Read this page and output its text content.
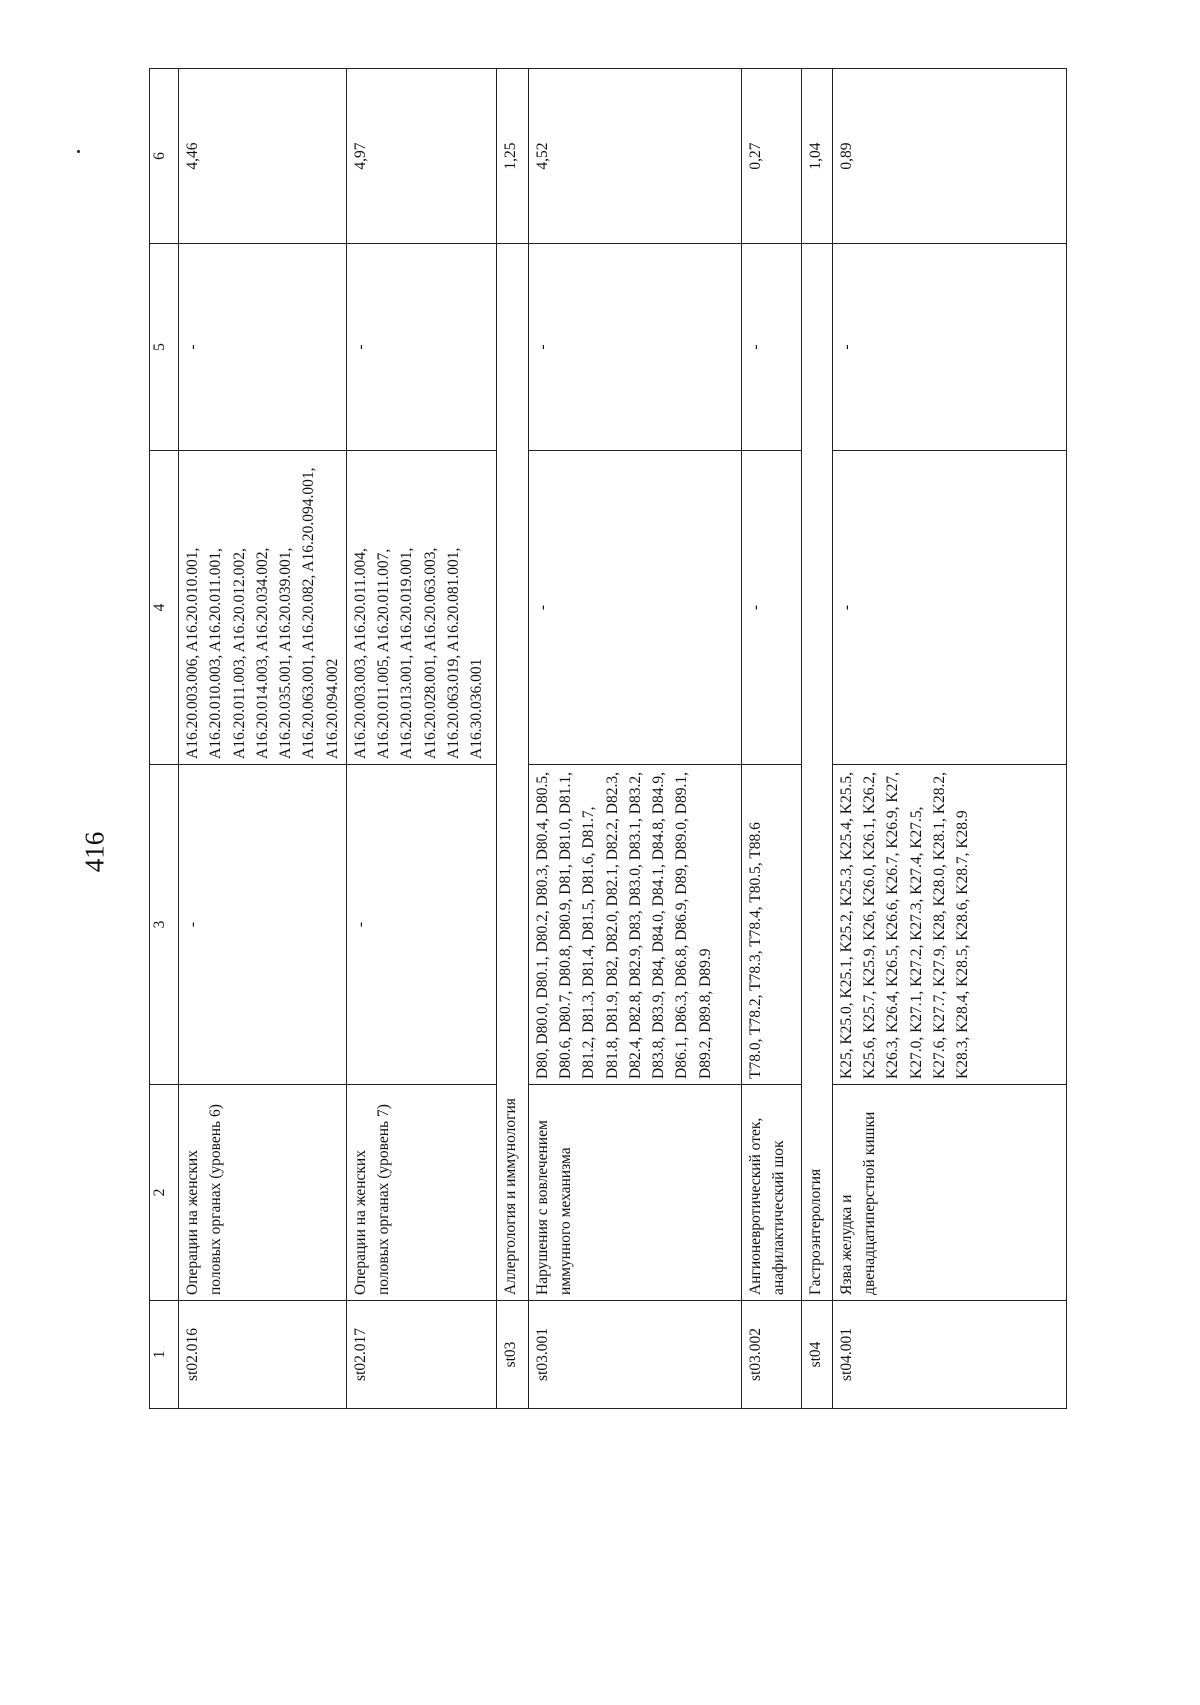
416
1	2	3	4	5	6
st02.016	Операции на женских половых органах (уровень 6)	-	A16.20.003.006, A16.20.010.001, A16.20.010.003, A16.20.011.001, A16.20.011.003, A16.20.012.002, A16.20.014.003, A16.20.034.002, A16.20.035.001, A16.20.039.001, A16.20.063.001, A16.20.082, A16.20.094.001, A16.20.094.002	-	4,46
st02.017	Операции на женских половых органах (уровень 7)	-	A16.20.003.003, A16.20.011.004, A16.20.011.005, A16.20.011.007, A16.20.013.001, A16.20.019.001, A16.20.028.001, A16.20.063.003, A16.20.063.019, A16.20.081.001, A16.30.036.001	-	4,97
st03	Аллергология и иммунология				1,25
st03.001	Нарушения с вовлечением иммунного механизма	D80, D80.0, D80.1, D80.2, D80.3, D80.4, D80.5, D80.6, D80.7, D80.8, D80.9, D81, D81.0, D81.1, D81.2, D81.3, D81.4, D81.5, D81.6, D81.7, D81.8, D81.9, D82, D82.0, D82.1, D82.2, D82.3, D82.4, D82.8, D82.9, D83, D83.0, D83.1, D83.2, D83.8, D83.9, D84, D84.0, D84.1, D84.8, D84.9, D86.1, D86.3, D86.8, D86.9, D89, D89.0, D89.1, D89.2, D89.8, D89.9	-	-	4,52
st03.002	Ангионевротический отек, анафилактический шок	T78.0, T78.2, T78.3, T78.4, T80.5, T88.6	-	-	0,27
st04	Гастроэнтерология				1,04
st04.001	Язва желудка и двенадцатиперстной кишки	K25, K25.0, K25.1, K25.2, K25.3, K25.4, K25.5, K25.6, K25.7, K25.9, K26, K26.0, K26.1, K26.2, K26.3, K26.4, K26.5, K26.6, K26.7, K26.9, K27, K27.0, K27.1, K27.2, K27.3, K27.4, K27.5, K27.6, K27.7, K27.9, K28, K28.0, K28.1, K28.2, K28.3, K28.4, K28.5, K28.6, K28.7, K28.9	-	-	0,89
